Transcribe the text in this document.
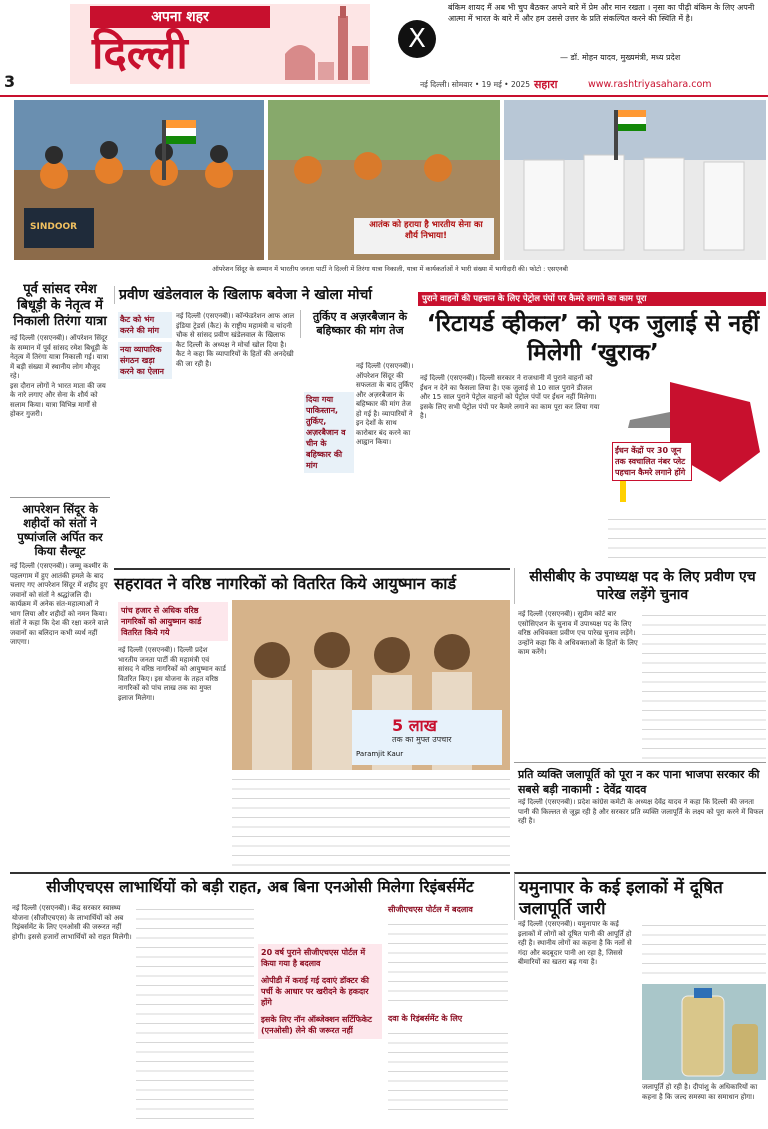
अपना शहर
दिल्ली
3
X
बंकिम शायद मैं अब भी चुप बैठकर अपने बारे में प्रेम और मान रखता । नृसा का पीढ़ी बंकिम के लिए अपनी आत्मा में भारत के बारे में और हम उससे उत्तर के प्रति संकल्पित करने की स्थिति में है।
— डॉ. मोहन यादव, मुख्यमंत्री, मध्य प्रदेश
नई दिल्ली। सोमवार • 19 मई • 2025 सहारा	www.rashtriyasahara.com
SINDOOR	आतंक को हराया है भारतीय सेना का शौर्य निभाया!
ऑपरेशन सिंदूर के सम्मान में भारतीय जनता पार्टी ने दिल्ली में तिरंगा यात्रा निकाली, यात्रा में कार्यकर्ताओं ने भारी संख्या में भागीदारी की। फोटो : एसएनबी
पूर्व सांसद रमेश बिधूड़ी के नेतृत्व में निकाली तिरंगा यात्रा
नई दिल्ली (एसएनबी)। ऑपरेशन सिंदूर के सम्मान में पूर्व सांसद रमेश बिधूड़ी के नेतृत्व में तिरंगा यात्रा निकाली गई। यात्रा में बड़ी संख्या में स्थानीय लोग मौजूद रहे।
इस दौरान लोगों ने भारत माता की जय के नारे लगाए और सेना के शौर्य को सलाम किया। यात्रा विभिन्न मार्गों से होकर गुजरी।
आपरेशन सिंदूर के शहीदों को संतों ने पुष्पांजलि अर्पित कर किया सैल्यूट
नई दिल्ली (एसएनबी)। जम्मू कश्मीर के पहलगाम में हुए आतंकी हमले के बाद चलाए गए आपरेशन सिंदूर में शहीद हुए जवानों को संतों ने श्रद्धांजलि दी।
कार्यक्रम में अनेक संत-महात्माओं ने भाग लिया और शहीदों को नमन किया। संतों ने कहा कि देश की रक्षा करने वाले जवानों का बलिदान कभी व्यर्थ नहीं जाएगा।
प्रवीण खंडेलवाल के खिलाफ बवेजा ने खोला मोर्चा
कैट को भंग करने की मांग
नया व्यापारिक संगठन खड़ा करने का ऐलान
नई दिल्ली (एसएनबी)। कॉन्फेडरेशन आफ आल इंडिया ट्रेडर्स (कैट) के राष्ट्रीय महामंत्री व चांदनी चौक से सांसद प्रवीण खंडेलवाल के खिलाफ कैट दिल्ली के अध्यक्ष ने मोर्चा खोल दिया है।
कैट ने कहा कि व्यापारियों के हितों की अनदेखी की जा रही है।
तुर्किए व अज़रबैजान के बहिष्कार की मांग तेज
दिया गया पाकिस्तान, तुर्किए, अज़रबैजान व चीन के बहिष्कार की मांग
नई दिल्ली (एसएनबी)। ऑपरेशन सिंदूर की सफलता के बाद तुर्किए और अज़रबैजान के बहिष्कार की मांग तेज हो गई है। व्यापारियों ने इन देशों के साथ कारोबार बंद करने का आह्वान किया।
पुराने वाहनों की पहचान के लिए पेट्रोल पंपों पर कैमरे लगाने का काम पूरा
‘रिटायर्ड व्हीकल’ को एक जुलाई से नहीं मिलेगी ‘खुराक’
नई दिल्ली (एसएनबी)। दिल्ली सरकार ने राजधानी में पुराने वाहनों को ईंधन न देने का फैसला लिया है। एक जुलाई से 10 साल पुराने डीजल और 15 साल पुराने पेट्रोल वाहनों को पेट्रोल पंपों पर ईंधन नहीं मिलेगा।
इसके लिए सभी पेट्रोल पंपों पर कैमरे लगाने का काम पूरा कर लिया गया है।
ईंधन केंद्रों पर 30 जून तक स्वचालित नंबर प्लेट पहचान कैमरे लगाने होंगे
सहरावत ने वरिष्ठ नागरिकों को वितरित किये आयुष्मान कार्ड
पांच हजार से अधिक वरिष्ठ नागरिकों को आयुष्मान कार्ड वितरित किये गये
नई दिल्ली (एसएनबी)। दिल्ली प्रदेश भारतीय जनता पार्टी की महामंत्री एवं सांसद ने वरिष्ठ नागरिकों को आयुष्मान कार्ड वितरित किए। इस योजना के तहत वरिष्ठ नागरिकों को पांच लाख तक का मुफ्त इलाज मिलेगा।
5 लाख
तक का मुफ्त उपचार
Paramjit Kaur
सीसीबीए के उपाध्यक्ष पद के लिए प्रवीण एच पारेख लड़ेंगे चुनाव
नई दिल्ली (एसएनबी)। सुप्रीम कोर्ट बार एसोसिएशन के चुनाव में उपाध्यक्ष पद के लिए वरिष्ठ अधिवक्ता प्रवीण एच पारेख चुनाव लड़ेंगे। उन्होंने कहा कि वे अधिवक्ताओं के हितों के लिए काम करेंगे।
प्रति व्यक्ति जलापूर्ति को पूरा न कर पाना भाजपा सरकार की सबसे बड़ी नाकामी : देवेंद्र यादव
नई दिल्ली (एसएनबी)। प्रदेश कांग्रेस कमेटी के अध्यक्ष देवेंद्र यादव ने कहा कि दिल्ली की जनता पानी की किल्लत से जूझ रही है और सरकार प्रति व्यक्ति जलापूर्ति के लक्ष्य को पूरा करने में विफल रही है।
सीजीएचएस लाभार्थियों को बड़ी राहत, अब बिना एनओसी मिलेगा रिइंबर्समेंट
नई दिल्ली (एसएनबी)। केंद्र सरकार स्वास्थ्य योजना (सीजीएचएस) के लाभार्थियों को अब रिइंबर्समेंट के लिए एनओसी की जरूरत नहीं होगी। इससे हजारों लाभार्थियों को राहत मिलेगी।
20 वर्ष पुराने सीजीएचएस पोर्टल में किया गया है बदलाव
ओपीडी में कराई गई दवाएं डॉक्टर की पर्ची के आधार पर खरीदने के हकदार होंगे
इसके लिए नॉन ऑब्जेक्शन सर्टिफिकेट (एनओसी) लेने की जरूरत नहीं
सीजीएचएस पोर्टल में बदलाव
दवा के रिइंबर्समेंट के लिए
यमुनापार के कई इलाकों में दूषित जलापूर्ति जारी
नई दिल्ली (एसएनबी)। यमुनापार के कई इलाकों में लोगों को दूषित पानी की आपूर्ति हो रही है। स्थानीय लोगों का कहना है कि नलों से गंदा और बदबूदार पानी आ रहा है, जिससे बीमारियों का खतरा बढ़ गया है।
जलापूर्ति हो रही है। दीपांशु के अधिकारियों का कहना है कि जल्द समस्या का समाधान होगा।
